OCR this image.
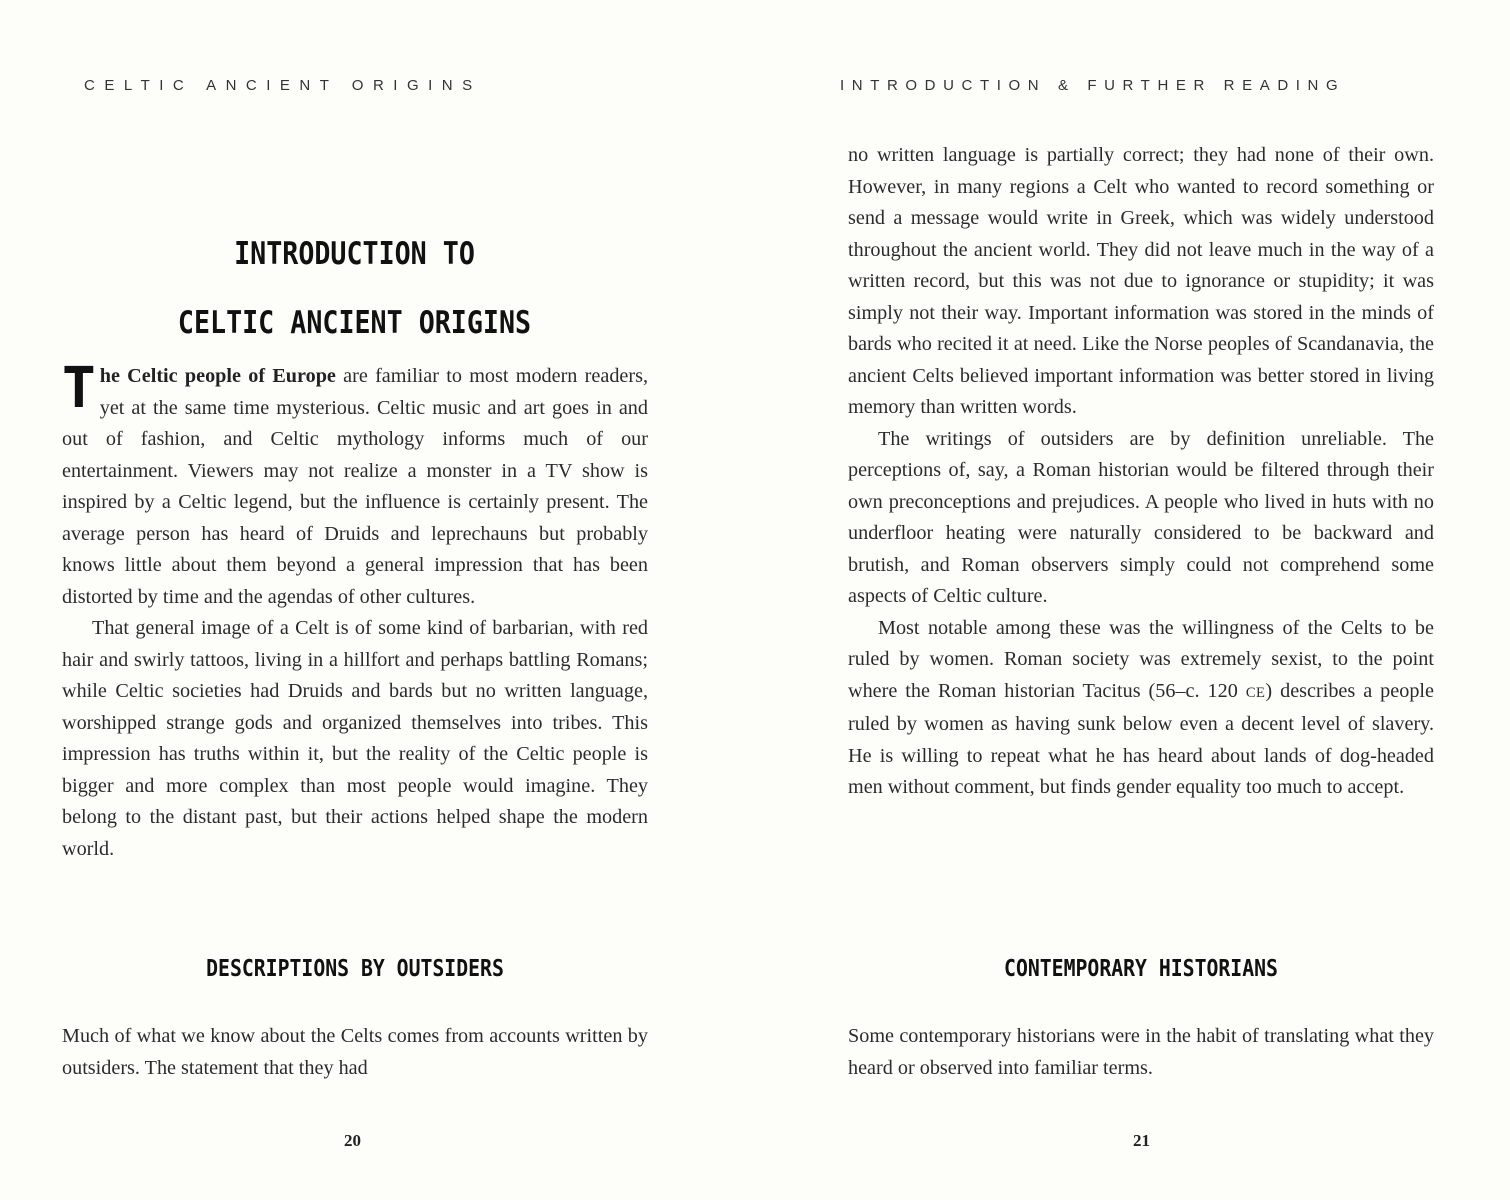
CELTIC ANCIENT ORIGINS
INTRODUCTION TO
CELTIC ANCIENT ORIGINS

The Celtic people of Europe are familiar to most modern readers, yet at the same time mysterious. Celtic music and art goes in and out of fashion, and Celtic mythology informs much of our entertainment. Viewers may not realize a monster in a TV show is inspired by a Celtic legend, but the influence is certainly present. The average person has heard of Druids and leprechauns but probably knows little about them beyond a general impression that has been distorted by time and the agendas of other cultures.

That general image of a Celt is of some kind of barbarian, with red hair and swirly tattoos, living in a hillfort and perhaps battling Romans; while Celtic societies had Druids and bards but no written language, worshipped strange gods and organized themselves into tribes. This impression has truths within it, but the reality of the Celtic people is bigger and more complex than most people would imagine. They belong to the distant past, but their actions helped shape the modern world.

DESCRIPTIONS BY OUTSIDERS

Much of what we know about the Celts comes from accounts written by outsiders. The statement that they had

20
INTRODUCTION & FURTHER READING

no written language is partially correct; they had none of their own. However, in many regions a Celt who wanted to record something or send a message would write in Greek, which was widely understood throughout the ancient world. They did not leave much in the way of a written record, but this was not due to ignorance or stupidity; it was simply not their way. Important information was stored in the minds of bards who recited it at need. Like the Norse peoples of Scandanavia, the ancient Celts believed important information was better stored in living memory than written words.

The writings of outsiders are by definition unreliable. The perceptions of, say, a Roman historian would be filtered through their own preconceptions and prejudices. A people who lived in huts with no underfloor heating were naturally considered to be backward and brutish, and Roman observers simply could not comprehend some aspects of Celtic culture.

Most notable among these was the willingness of the Celts to be ruled by women. Roman society was extremely sexist, to the point where the Roman historian Tacitus (56–c. 120 CE) describes a people ruled by women as having sunk below even a decent level of slavery. He is willing to repeat what he has heard about lands of dog-headed men without comment, but finds gender equality too much to accept.

CONTEMPORARY HISTORIANS

Some contemporary historians were in the habit of translating what they heard or observed into familiar terms.

21
